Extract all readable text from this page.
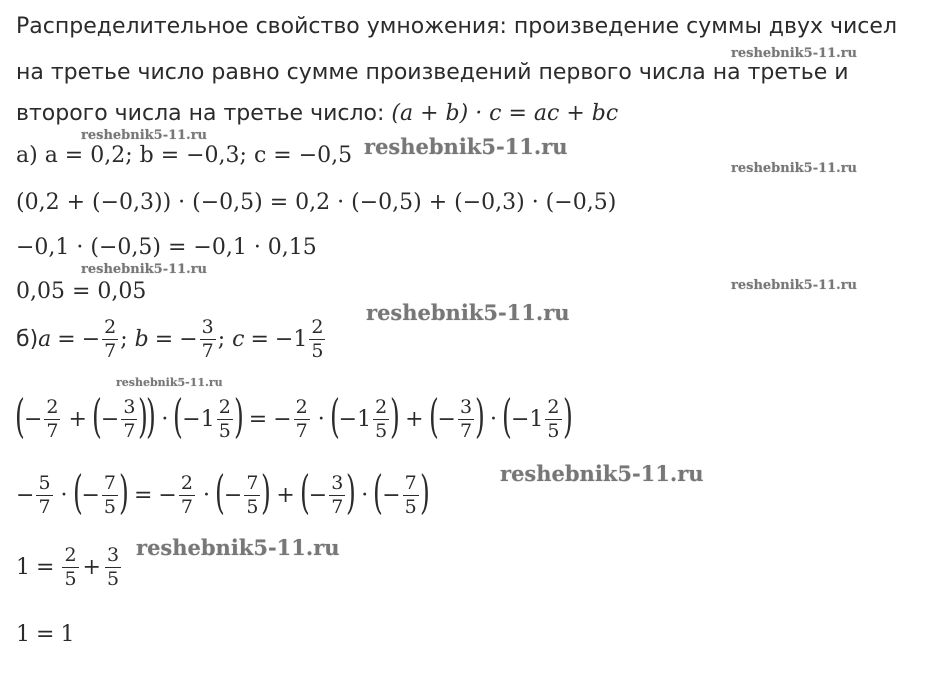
Распределительное свойство умножения: произведение суммы двух чисел
на третье число равно сумме произведений первого числа на третье и
второго числа на третье число: (a + b) · c = ac + bc
а) a = 0,2; b = −0,3; c = −0,5
(0,2 + (−0,3)) · (−0,5) = 0,2 · (−0,5) + (−0,3) · (−0,5)
−0,1 · (−0,5) = −0,1 · 0,15
0,05 = 0,05
б) a = − $\frac{2}{7}$ ;
b = − $\frac{3}{7}$ ;
c = − $1 \frac{2}{5}$
( − $\frac{2}{7}$ + ( − $\frac{3}{7}$ )
) · ( − $1 \frac{2}{5}$ ) = − $\frac{2}{7}$ · ( − $1 \frac{2}{5}$ ) + ( − $\frac{3}{7}$ ) · ( − $1 \frac{2}{5}$ )
− $\frac{5}{7}$ · ( − $\frac{7}{5}$ ) = − $\frac{2}{7}$ · ( − $\frac{7}{5}$ ) + ( − $\frac{3}{7}$ ) · ( − $\frac{7}{5}$ )
$1 = \frac{2}{5} + \frac{3}{5}$
1 = 1
reshebnik5-11.ru
reshebnik5-11.ru	reshebnik5-11.ru
reshebnik5-11.ru
reshebnik5-11.ru
reshebnik5-11.ru
reshebnik5-11.ru
reshebnik5-11.ru
reshebnik5-11.ru
reshebnik5-11.ru
